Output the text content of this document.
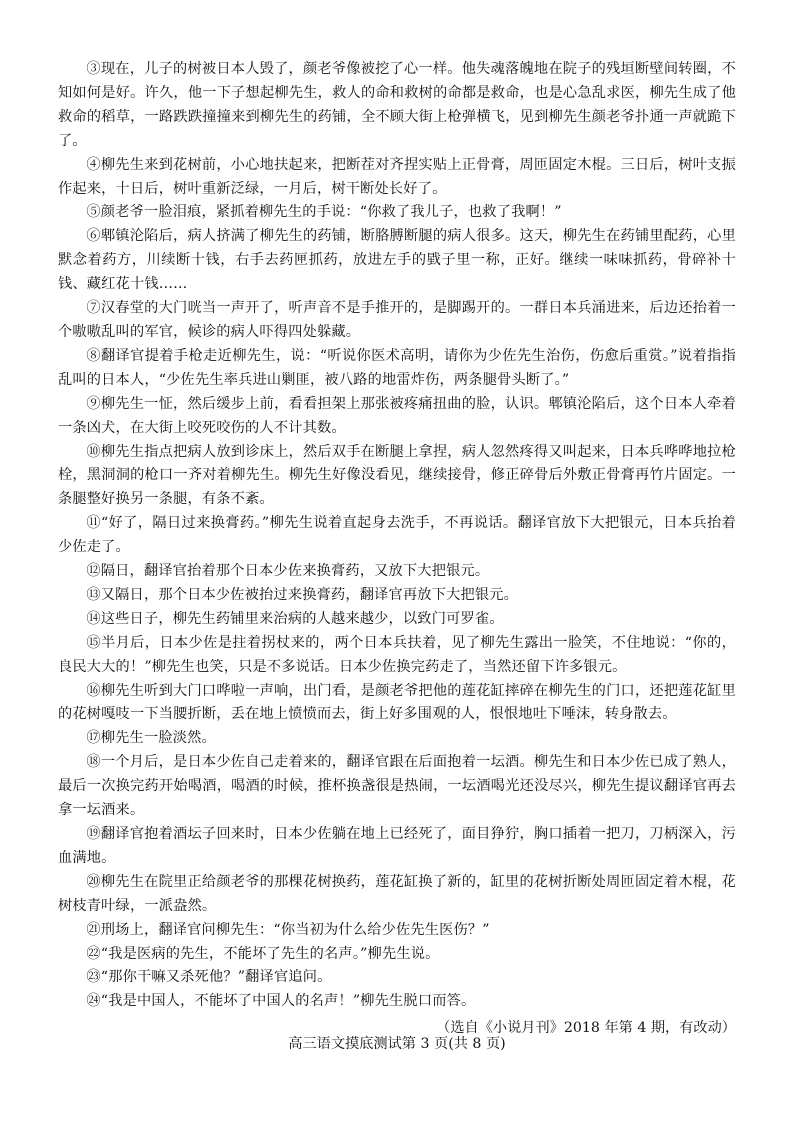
③现在，儿子的树被日本人毁了，颜老爷像被挖了心一样。他失魂落魄地在院子的残垣断壁间转圈，不知如何是好。许久，他一下子想起柳先生，救人的命和救树的命都是救命，也是心急乱求医，柳先生成了他救命的稻草，一路跌跌撞撞来到柳先生的药铺，全不顾大街上枪弹横飞，见到柳先生颜老爷扑通一声就跪下了。

④柳先生来到花树前，小心地扶起来，把断茬对齐捏实贴上正骨膏，周匝固定木棍。三日后，树叶支振作起来，十日后，树叶重新泛绿，一月后，树干断处长好了。

⑤颜老爷一脸泪痕，紧抓着柳先生的手说：“你救了我儿子，也救了我啊！”

⑥郫镇沦陷后，病人挤满了柳先生的药铺，断胳膊断腿的病人很多。这天，柳先生在药铺里配药，心里默念着药方，川续断十钱，右手去药匣抓药，放进左手的戥子里一称，正好。继续一味味抓药，骨碎补十钱、藏红花十钱……

⑦汉春堂的大门咣当一声开了，听声音不是手推开的，是脚踢开的。一群日本兵涌进来，后边还抬着一个嗷嗷乱叫的军官，候诊的病人吓得四处躲藏。

⑧翻译官提着手枪走近柳先生，说：“听说你医术高明，请你为少佐先生治伤，伤愈后重赏。”说着指指乱叫的日本人，“少佐先生率兵进山剿匪，被八路的地雷炸伤，两条腿骨头断了。”

⑨柳先生一怔，然后缓步上前，看看担架上那张被疼痛扭曲的脸，认识。郫镇沦陷后，这个日本人牵着一条凶犬，在大街上咬死咬伤的人不计其数。

⑩柳先生指点把病人放到诊床上，然后双手在断腿上拿捏，病人忽然疼得又叫起来，日本兵哗哗地拉枪栓，黑洞洞的枪口一齐对着柳先生。柳先生好像没看见，继续接骨，修正碎骨后外敷正骨膏再竹片固定。一条腿整好换另一条腿，有条不紊。

⑪“好了，隔日过来换膏药。”柳先生说着直起身去洗手，不再说话。翻译官放下大把银元，日本兵抬着少佐走了。

⑫隔日，翻译官抬着那个日本少佐来换膏药，又放下大把银元。

⑬又隔日，那个日本少佐被抬过来换膏药，翻译官再放下大把银元。

⑭这些日子，柳先生药铺里来治病的人越来越少，以致门可罗雀。

⑮半月后，日本少佐是拄着拐杖来的，两个日本兵扶着，见了柳先生露出一脸笑，不住地说：“你的，良民大大的！”柳先生也笑，只是不多说话。日本少佐换完药走了，当然还留下许多银元。

⑯柳先生听到大门口哗啦一声响，出门看，是颜老爷把他的莲花缸摔碎在柳先生的门口，还把莲花缸里的花树嘎吱一下当腰折断，丢在地上愤愤而去，街上好多围观的人，恨恨地吐下唾沫，转身散去。

⑰柳先生一脸淡然。

⑱一个月后，是日本少佐自己走着来的，翻译官跟在后面抱着一坛酒。柳先生和日本少佐已成了熟人，最后一次换完药开始喝酒，喝酒的时候，推杯换盏很是热闹，一坛酒喝光还没尽兴，柳先生提议翻译官再去拿一坛酒来。

⑲翻译官抱着酒坛子回来时，日本少佐躺在地上已经死了，面目狰狞，胸口插着一把刀，刀柄深入，污血满地。

⑳柳先生在院里正给颜老爷的那棵花树换药，莲花缸换了新的，缸里的花树折断处周匝固定着木棍，花树枝青叶绿，一派盎然。

㉑刑场上，翻译官问柳先生：“你当初为什么给少佐先生医伤？”

㉒“我是医病的先生，不能坏了先生的名声。”柳先生说。

㉓“那你干嘛又杀死他？”翻译官追问。

㉔“我是中国人，不能坏了中国人的名声！”柳先生脱口而答。

（选自《小说月刊》2018 年第 4 期，有改动）

高三语文摸底测试第 3 页(共 8 页)
